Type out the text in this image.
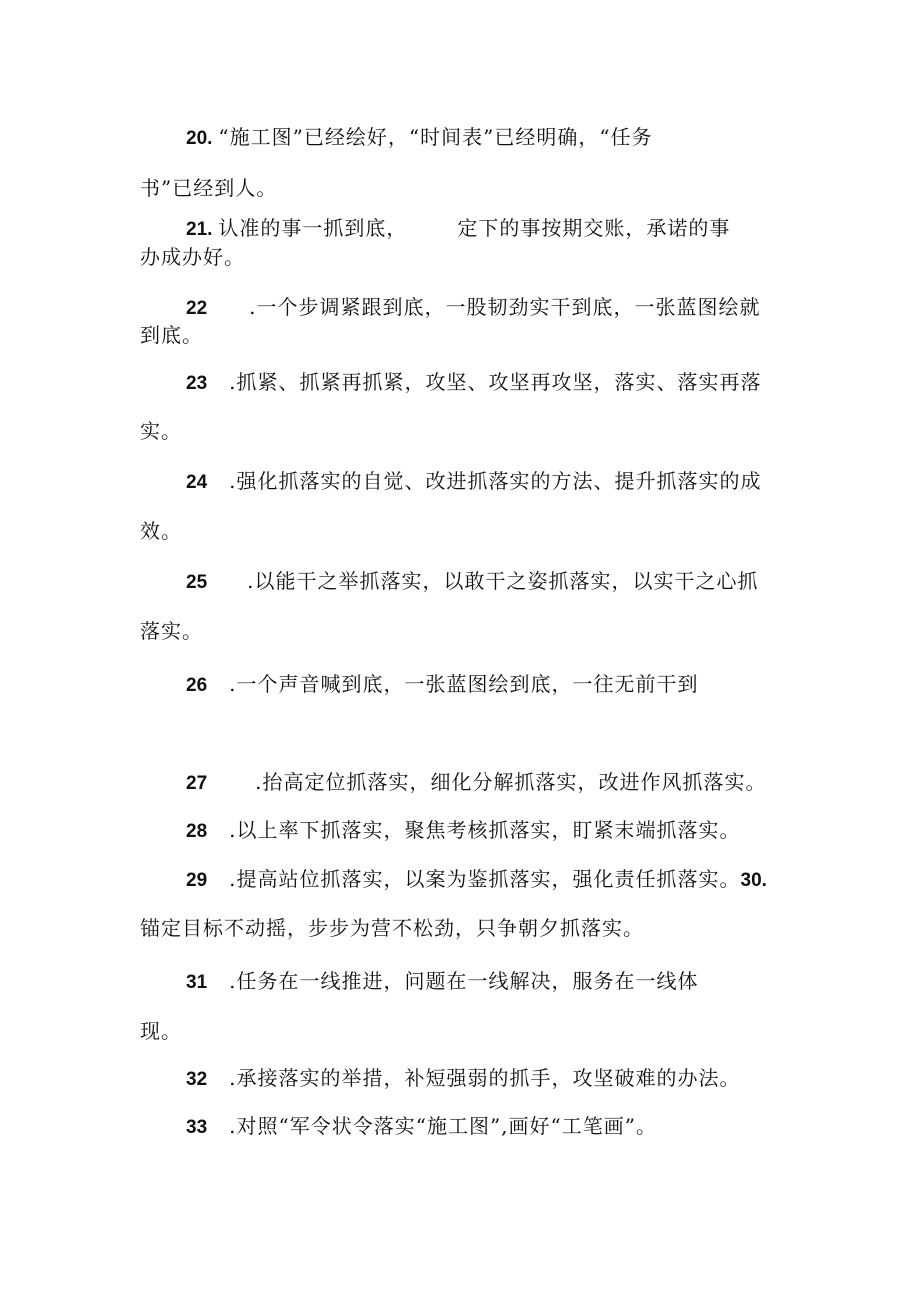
20. “施工图”已经绘好，“时间表”已经明确，“任务
书”已经到人。
21. 认准的事一抓到底，	定下的事按期交账，承诺的事
办成办好。
22 .一个步调紧跟到底，一股韧劲实干到底，一张蓝图绘就
到底。
23 .抓紧、抓紧再抓紧，攻坚、攻坚再攻坚，落实、落实再落
实。
24 .强化抓落实的自觉、改进抓落实的方法、提升抓落实的成
效。
25 .以能干之举抓落实，以敢干之姿抓落实，以实干之心抓
落实。
26 .一个声音喊到底，一张蓝图绘到底，一往无前干到
27 .抬高定位抓落实，细化分解抓落实，改进作风抓落实。
28 .以上率下抓落实，聚焦考核抓落实，盯紧末端抓落实。
29 .提高站位抓落实，以案为鉴抓落实，强化责任抓落实。30.
锚定目标不动摇，步步为营不松劲，只争朝夕抓落实。
31 .任务在一线推进，问题在一线解决，服务在一线体
现。
32 .承接落实的举措，补短强弱的抓手，攻坚破难的办法。
33 .对照“军令状令落实“施工图”,画好“工笔画”。
